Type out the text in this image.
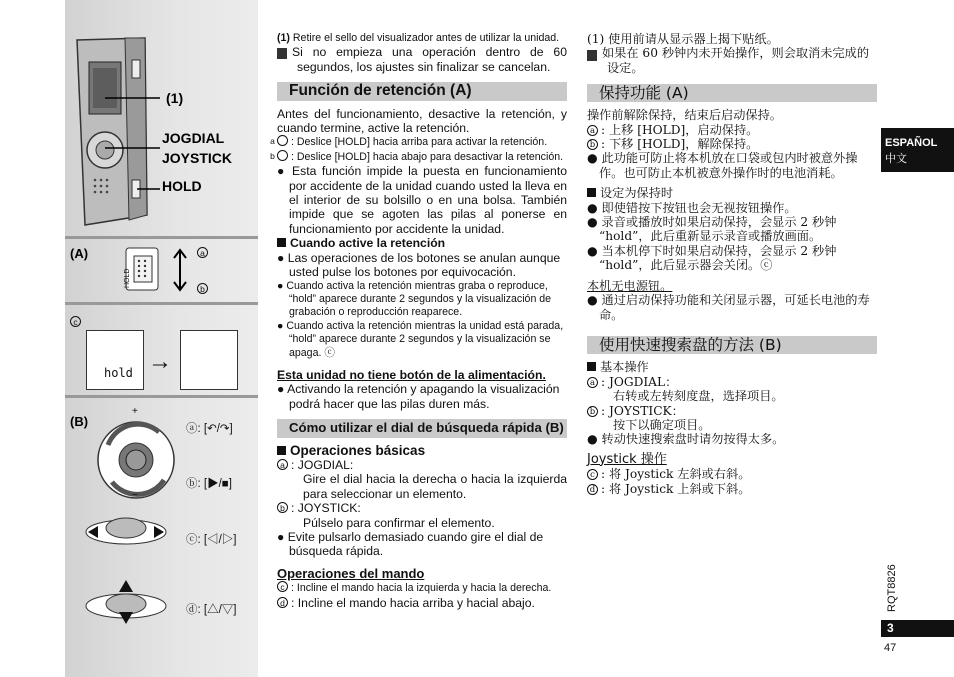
(1)
JOGDIAL
JOYSTICK
HOLD
(A)
HOLD
a
b
c
hold →
(B)
+
−
ⓐ: [↶/↷]
ⓑ: [▶/■]
ⓒ: [◁/▷]
ⓓ: [△/▽]

(1) Retire el sello del visualizador antes de utilizar la unidad.

! Si no empieza una operación dentro de 60 segundos, los ajustes sin finalizar se cancelan.

Función de retención (A)

Antes del funcionamiento, desactive la retención, y cuando termine, active la retención.

a : Deslice [HOLD] hacia arriba para activar la retención.

b : Deslice [HOLD] hacia abajo para desactivar la retención.

● Esta función impide la puesta en funcionamiento por accidente de la unidad cuando usted la lleva en el interior de su bolsillo o en una bolsa. También impide que se agoten las pilas al ponerse en funcionamiento por accidente la unidad.

Cuando active la retención

● Las operaciones de los botones se anulan aunque usted pulse los botones por equivocación.

● Cuando activa la retención mientras graba o reproduce, “hold” aparece durante 2 segundos y la visualización de grabación o reproducción reaparece.

● Cuando activa la retención mientras la unidad está parada, “hold” aparece durante 2 segundos y la visualización se apaga. ⓒ

Esta unidad no tiene botón de la alimentación.

● Activando la retención y apagando la visualización podrá hacer que las pilas duren más.

Cómo utilizar el dial de búsqueda rápida (B)

Operaciones básicas

a : JOGDIAL:

Gire el dial hacia la derecha o hacia la izquierda para seleccionar un elemento.

b : JOYSTICK:

Púlselo para confirmar el elemento.

● Evite pulsarlo demasiado cuando gire el dial de búsqueda rápida.

Operaciones del mando

c : Incline el mando hacia la izquierda y hacia la derecha.

d : Incline el mando hacia arriba y hacial abajo.

(1) 使用前请从显示器上揭下贴纸。

! 如果在 60 秒钟内未开始操作，则会取消未完成的设定。

保持功能 (A)

操作前解除保持，结束后启动保持。

a : 上移 [HOLD]，启动保持。

b : 下移 [HOLD]，解除保持。

● 此功能可防止将本机放在口袋或包内时被意外操作。也可防止本机被意外操作时的电池消耗。

设定为保持时

● 即使错按下按钮也会无视按钮操作。

● 录音或播放时如果启动保持，会显示 2 秒钟 “hold”，此后重新显示录音或播放画面。

● 当本机停下时如果启动保持，会显示 2 秒钟 “hold”，此后显示器会关闭。ⓒ

本机无电源钮。

● 通过启动保持功能和关闭显示器，可延长电池的寿命。

使用快速搜索盘的方法 (B)

基本操作

a : JOGDIAL：

右转或左转刻度盘，选择项目。

b : JOYSTICK：

按下以确定项目。

● 转动快速搜索盘时请勿按得太多。

Joystick 操作

c : 将 Joystick 左斜或右斜。

d : 将 Joystick 上斜或下斜。

ESPAÑOL
中文
RQT8826
3
47
